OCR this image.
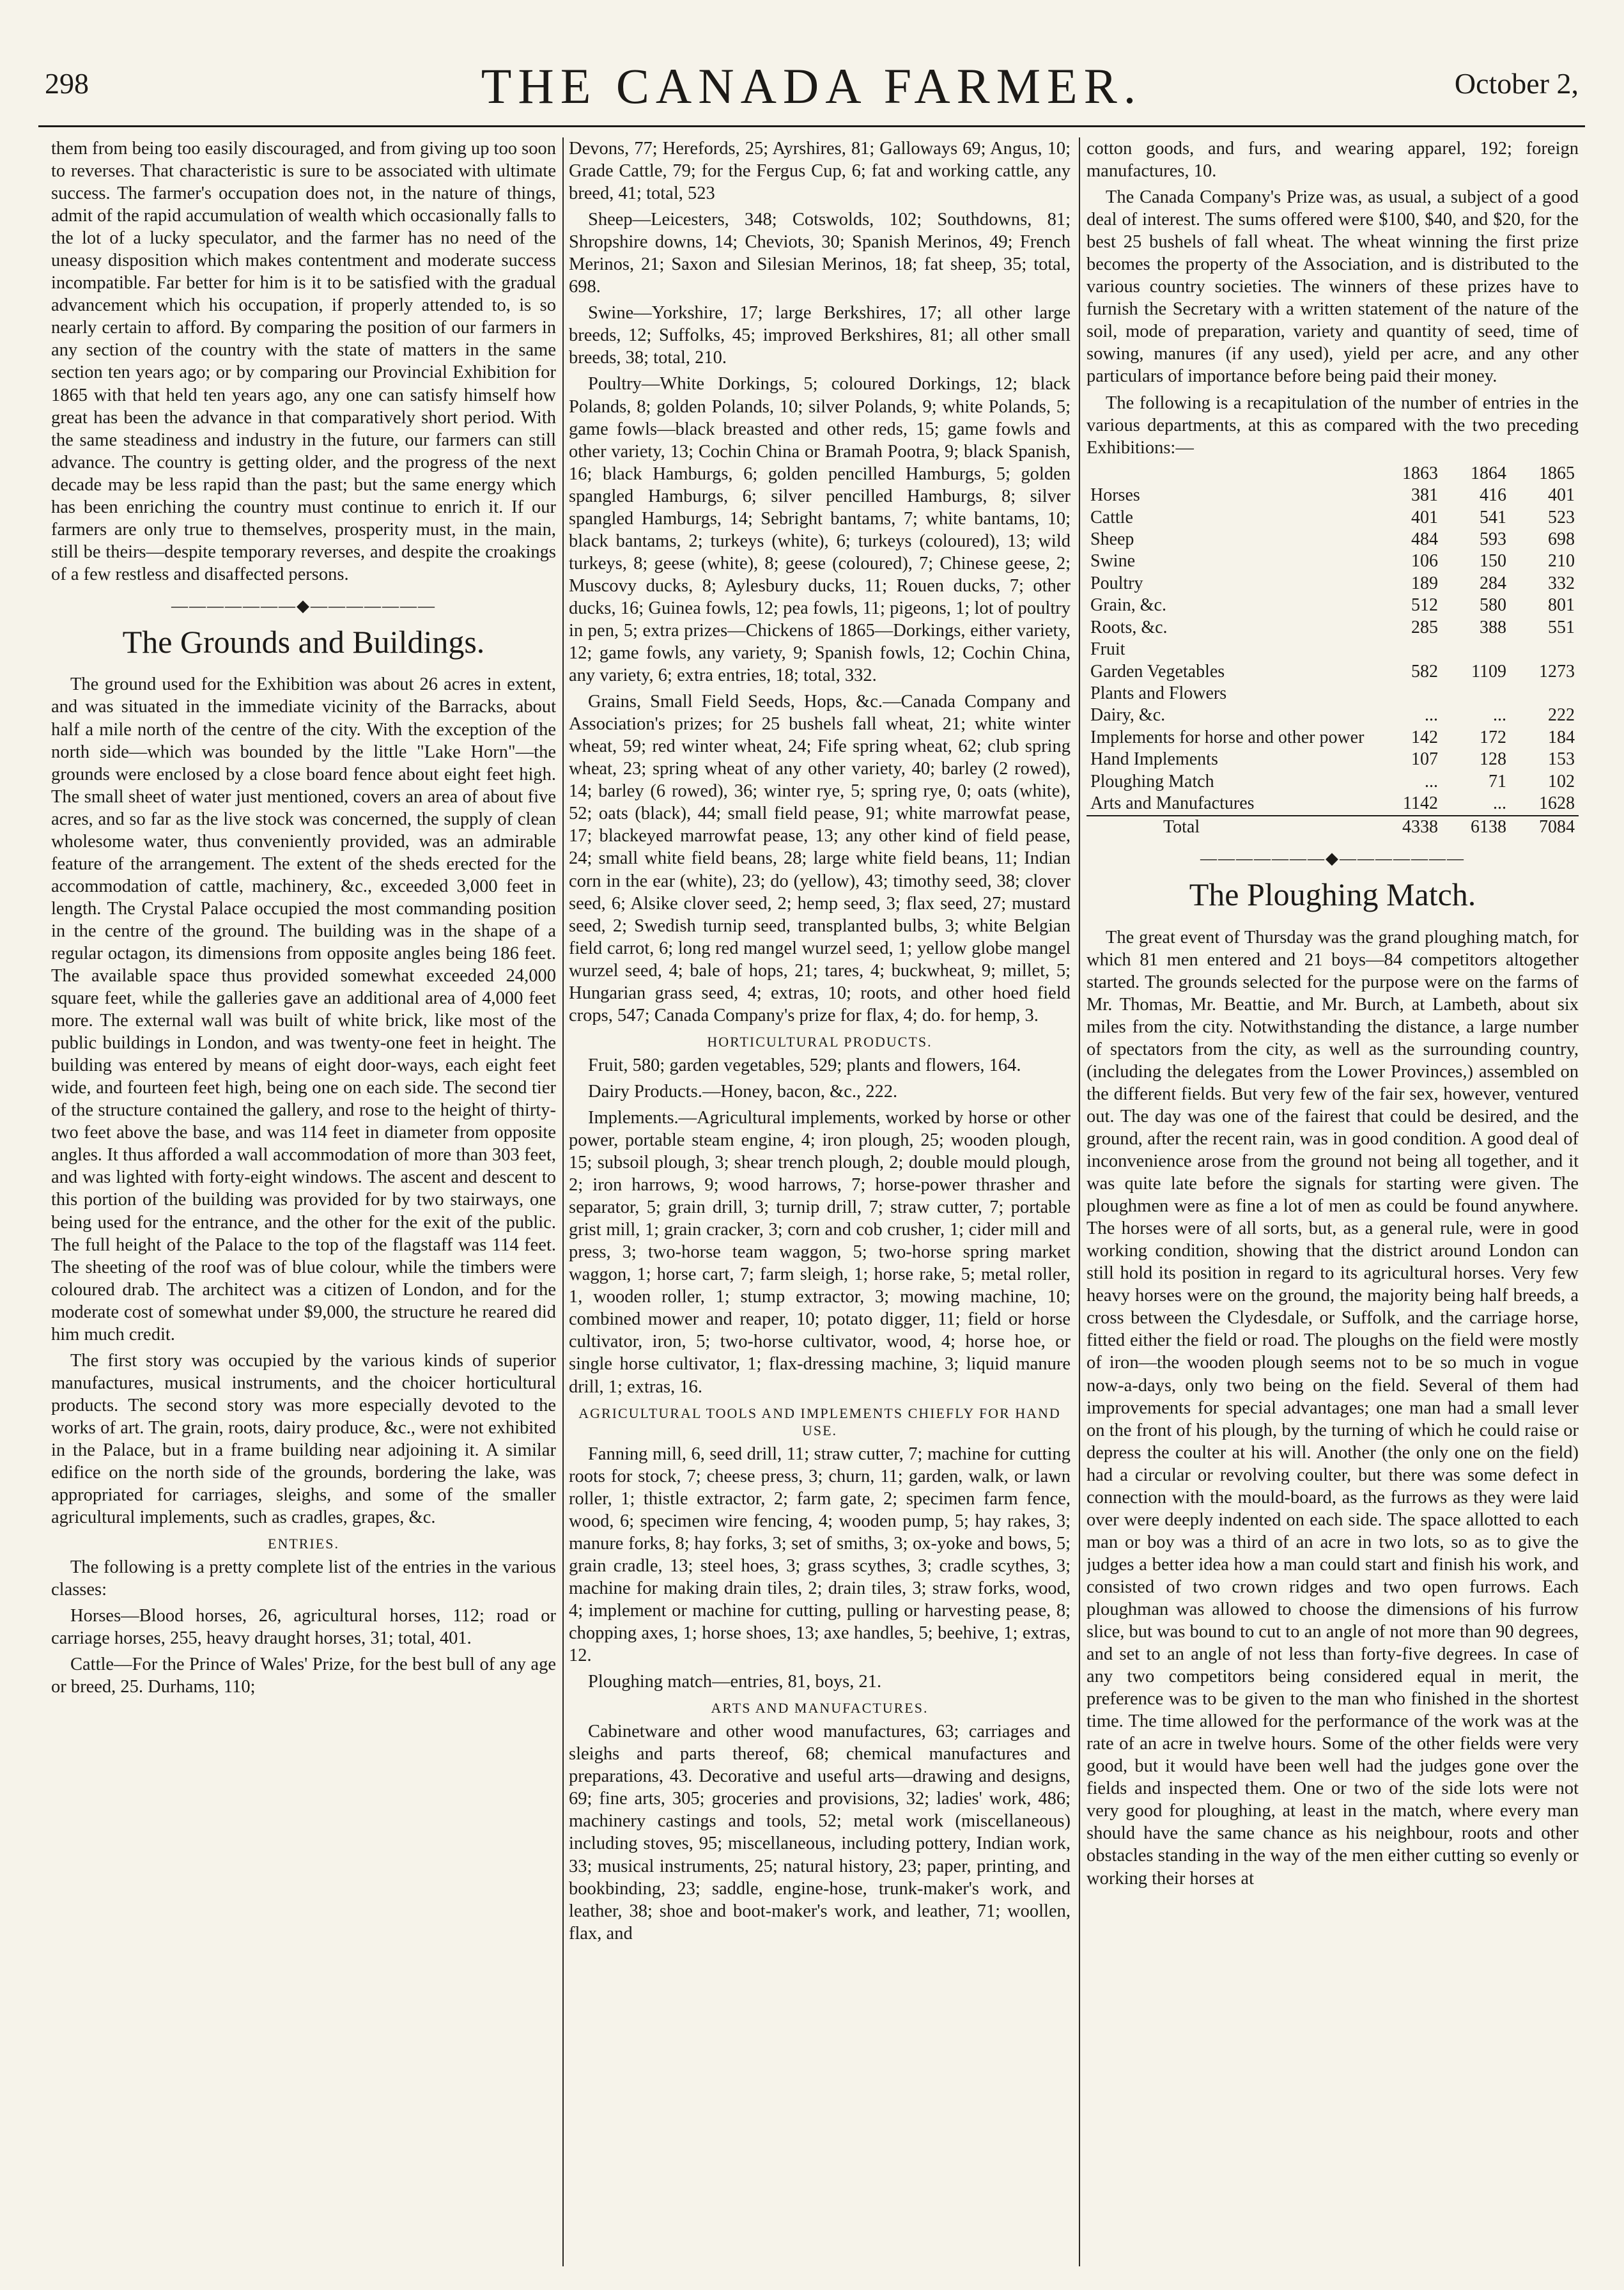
298	THE CANADA FARMER.	October 2,

them from being too easily discouraged, and from giving up too soon to reverses. That characteristic is sure to be associated with ultimate success. The farmer's occupation does not, in the nature of things, admit of the rapid accumulation of wealth which occasionally falls to the lot of a lucky speculator, and the farmer has no need of the uneasy disposition which makes contentment and moderate success incompatible. Far better for him is it to be satisfied with the gradual advancement which his occupation, if properly attended to, is so nearly certain to afford. By comparing the position of our farmers in any section of the country with the state of matters in the same section ten years ago; or by comparing our Provincial Exhibition for 1865 with that held ten years ago, any one can satisfy himself how great has been the advance in that comparatively short period. With the same steadiness and industry in the future, our farmers can still advance. The country is getting older, and the progress of the next decade may be less rapid than the past; but the same energy which has been enriching the country must continue to enrich it. If our farmers are only true to themselves, prosperity must, in the main, still be theirs—despite temporary reverses, and despite the croakings of a few restless and disaffected persons.

———————◆———————
The Grounds and Buildings.

The ground used for the Exhibition was about 26 acres in extent, and was situated in the immediate vicinity of the Barracks, about half a mile north of the centre of the city. With the exception of the north side—which was bounded by the little "Lake Horn"—the grounds were enclosed by a close board fence about eight feet high. The small sheet of water just mentioned, covers an area of about five acres, and so far as the live stock was concerned, the supply of clean wholesome water, thus conveniently provided, was an admirable feature of the arrangement. The extent of the sheds erected for the accommodation of cattle, machinery, &c., exceeded 3,000 feet in length. The Crystal Palace occupied the most commanding position in the centre of the ground. The building was in the shape of a regular octagon, its dimensions from opposite angles being 186 feet. The available space thus provided somewhat exceeded 24,000 square feet, while the galleries gave an additional area of 4,000 feet more. The external wall was built of white brick, like most of the public buildings in London, and was twenty-one feet in height. The building was entered by means of eight door-ways, each eight feet wide, and fourteen feet high, being one on each side. The second tier of the structure contained the gallery, and rose to the height of thirty-two feet above the base, and was 114 feet in diameter from opposite angles. It thus afforded a wall accommodation of more than 303 feet, and was lighted with forty-eight windows. The ascent and descent to this portion of the building was provided for by two stairways, one being used for the entrance, and the other for the exit of the public. The full height of the Palace to the top of the flagstaff was 114 feet. The sheeting of the roof was of blue colour, while the timbers were coloured drab. The architect was a citizen of London, and for the moderate cost of somewhat under $9,000, the structure he reared did him much credit.

The first story was occupied by the various kinds of superior manufactures, musical instruments, and the choicer horticultural products. The second story was more especially devoted to the works of art. The grain, roots, dairy produce, &c., were not exhibited in the Palace, but in a frame building near adjoining it. A similar edifice on the north side of the grounds, bordering the lake, was appropriated for carriages, sleighs, and some of the smaller agricultural implements, such as cradles, grapes, &c.

ENTRIES.

The following is a pretty complete list of the entries in the various classes:

Horses—Blood horses, 26, agricultural horses, 112; road or carriage horses, 255, heavy draught horses, 31; total, 401.

Cattle—For the Prince of Wales' Prize, for the best bull of any age or breed, 25. Durhams, 110;

Devons, 77; Herefords, 25; Ayrshires, 81; Galloways 69; Angus, 10; Grade Cattle, 79; for the Fergus Cup, 6; fat and working cattle, any breed, 41; total, 523

Sheep—Leicesters, 348; Cotswolds, 102; Southdowns, 81; Shropshire downs, 14; Cheviots, 30; Spanish Merinos, 49; French Merinos, 21; Saxon and Silesian Merinos, 18; fat sheep, 35; total, 698.

Swine—Yorkshire, 17; large Berkshires, 17; all other large breeds, 12; Suffolks, 45; improved Berkshires, 81; all other small breeds, 38; total, 210.

Poultry—White Dorkings, 5; coloured Dorkings, 12; black Polands, 8; golden Polands, 10; silver Polands, 9; white Polands, 5; game fowls—black breasted and other reds, 15; game fowls and other variety, 13; Cochin China or Bramah Pootra, 9; black Spanish, 16; black Hamburgs, 6; golden pencilled Hamburgs, 5; golden spangled Hamburgs, 6; silver pencilled Hamburgs, 8; silver spangled Hamburgs, 14; Sebright bantams, 7; white bantams, 10; black bantams, 2; turkeys (white), 6; turkeys (coloured), 13; wild turkeys, 8; geese (white), 8; geese (coloured), 7; Chinese geese, 2; Muscovy ducks, 8; Aylesbury ducks, 11; Rouen ducks, 7; other ducks, 16; Guinea fowls, 12; pea fowls, 11; pigeons, 1; lot of poultry in pen, 5; extra prizes—Chickens of 1865—Dorkings, either variety, 12; game fowls, any variety, 9; Spanish fowls, 12; Cochin China, any variety, 6; extra entries, 18; total, 332.

Grains, Small Field Seeds, Hops, &c.—Canada Company and Association's prizes; for 25 bushels fall wheat, 21; white winter wheat, 59; red winter wheat, 24; Fife spring wheat, 62; club spring wheat, 23; spring wheat of any other variety, 40; barley (2 rowed), 14; barley (6 rowed), 36; winter rye, 5; spring rye, 0; oats (white), 52; oats (black), 44; small field pease, 91; white marrowfat pease, 17; blackeyed marrowfat pease, 13; any other kind of field pease, 24; small white field beans, 28; large white field beans, 11; Indian corn in the ear (white), 23; do (yellow), 43; timothy seed, 38; clover seed, 6; Alsike clover seed, 2; hemp seed, 3; flax seed, 27; mustard seed, 2; Swedish turnip seed, transplanted bulbs, 3; white Belgian field carrot, 6; long red mangel wurzel seed, 1; yellow globe mangel wurzel seed, 4; bale of hops, 21; tares, 4; buckwheat, 9; millet, 5; Hungarian grass seed, 4; extras, 10; roots, and other hoed field crops, 547; Canada Company's prize for flax, 4; do. for hemp, 3.

HORTICULTURAL PRODUCTS.

Fruit, 580; garden vegetables, 529; plants and flowers, 164.

Dairy Products.—Honey, bacon, &c., 222.

Implements.—Agricultural implements, worked by horse or other power, portable steam engine, 4; iron plough, 25; wooden plough, 15; subsoil plough, 3; shear trench plough, 2; double mould plough, 2; iron harrows, 9; wood harrows, 7; horse-power thrasher and separator, 5; grain drill, 3; turnip drill, 7; straw cutter, 7; portable grist mill, 1; grain cracker, 3; corn and cob crusher, 1; cider mill and press, 3; two-horse team waggon, 5; two-horse spring market waggon, 1; horse cart, 7; farm sleigh, 1; horse rake, 5; metal roller, 1, wooden roller, 1; stump extractor, 3; mowing machine, 10; combined mower and reaper, 10; potato digger, 11; field or horse cultivator, iron, 5; two-horse cultivator, wood, 4; horse hoe, or single horse cultivator, 1; flax-dressing machine, 3; liquid manure drill, 1; extras, 16.

AGRICULTURAL TOOLS AND IMPLEMENTS CHIEFLY FOR HAND USE.

Fanning mill, 6, seed drill, 11; straw cutter, 7; machine for cutting roots for stock, 7; cheese press, 3; churn, 11; garden, walk, or lawn roller, 1; thistle extractor, 2; farm gate, 2; specimen farm fence, wood, 6; specimen wire fencing, 4; wooden pump, 5; hay rakes, 3; manure forks, 8; hay forks, 3; set of smiths, 3; ox-yoke and bows, 5; grain cradle, 13; steel hoes, 3; grass scythes, 3; cradle scythes, 3; machine for making drain tiles, 2; drain tiles, 3; straw forks, wood, 4; implement or machine for cutting, pulling or harvesting pease, 8; chopping axes, 1; horse shoes, 13; axe handles, 5; beehive, 1; extras, 12.

Ploughing match—entries, 81, boys, 21.

ARTS AND MANUFACTURES.

Cabinetware and other wood manufactures, 63; carriages and sleighs and parts thereof, 68; chemical manufactures and preparations, 43. Decorative and useful arts—drawing and designs, 69; fine arts, 305; groceries and provisions, 32; ladies' work, 486; machinery castings and tools, 52; metal work (miscellaneous) including stoves, 95; miscellaneous, including pottery, Indian work, 33; musical instruments, 25; natural history, 23; paper, printing, and bookbinding, 23; saddle, engine-hose, trunk-maker's work, and leather, 38; shoe and boot-maker's work, and leather, 71; woollen, flax, and

cotton goods, and furs, and wearing apparel, 192; foreign manufactures, 10.

The Canada Company's Prize was, as usual, a subject of a good deal of interest. The sums offered were $100, $40, and $20, for the best 25 bushels of fall wheat. The wheat winning the first prize becomes the property of the Association, and is distributed to the various country societies. The winners of these prizes have to furnish the Secretary with a written statement of the nature of the soil, mode of preparation, variety and quantity of seed, time of sowing, manures (if any used), yield per acre, and any other particulars of importance before being paid their money.

The following is a recapitulation of the number of entries in the various departments, at this as compared with the two preceding Exhibitions:—

	1863	1864	1865
Horses	381	416	401
Cattle	401	541	523
Sheep	484	593	698
Swine	106	150	210
Poultry	189	284	332
Grain, &c.	512	580	801
Roots, &c.	285	388	551
Fruit			
Garden Vegetables	582	1109	1273
Plants and Flowers			
Dairy, &c.	...	...	222
Implements for horse and other power	142	172	184
Hand Implements	107	128	153
Ploughing Match	...	71	102
Arts and Manufactures	1142	...	1628
Total	4338	6138	7084
———————◆———————
The Ploughing Match.

The great event of Thursday was the grand ploughing match, for which 81 men entered and 21 boys—84 competitors altogether started. The grounds selected for the purpose were on the farms of Mr. Thomas, Mr. Beattie, and Mr. Burch, at Lambeth, about six miles from the city. Notwithstanding the distance, a large number of spectators from the city, as well as the surrounding country, (including the delegates from the Lower Provinces,) assembled on the different fields. But very few of the fair sex, however, ventured out. The day was one of the fairest that could be desired, and the ground, after the recent rain, was in good condition. A good deal of inconvenience arose from the ground not being all together, and it was quite late before the signals for starting were given. The ploughmen were as fine a lot of men as could be found anywhere. The horses were of all sorts, but, as a general rule, were in good working condition, showing that the district around London can still hold its position in regard to its agricultural horses. Very few heavy horses were on the ground, the majority being half breeds, a cross between the Clydesdale, or Suffolk, and the carriage horse, fitted either the field or road. The ploughs on the field were mostly of iron—the wooden plough seems not to be so much in vogue now-a-days, only two being on the field. Several of them had improvements for special advantages; one man had a small lever on the front of his plough, by the turning of which he could raise or depress the coulter at his will. Another (the only one on the field) had a circular or revolving coulter, but there was some defect in connection with the mould-board, as the furrows as they were laid over were deeply indented on each side. The space allotted to each man or boy was a third of an acre in two lots, so as to give the judges a better idea how a man could start and finish his work, and consisted of two crown ridges and two open furrows. Each ploughman was allowed to choose the dimensions of his furrow slice, but was bound to cut to an angle of not more than 90 degrees, and set to an angle of not less than forty-five degrees. In case of any two competitors being considered equal in merit, the preference was to be given to the man who finished in the shortest time. The time allowed for the performance of the work was at the rate of an acre in twelve hours. Some of the other fields were very good, but it would have been well had the judges gone over the fields and inspected them. One or two of the side lots were not very good for ploughing, at least in the match, where every man should have the same chance as his neighbour, roots and other obstacles standing in the way of the men either cutting so evenly or working their horses at
